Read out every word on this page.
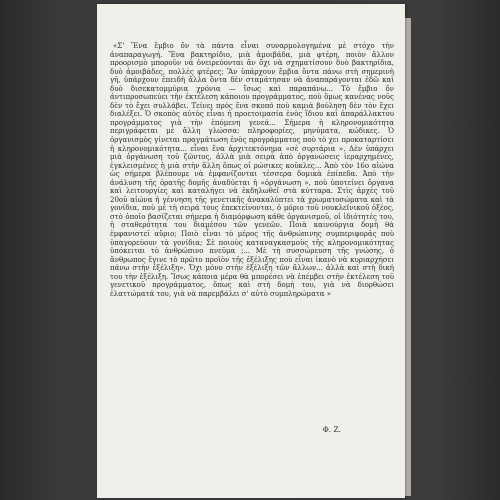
«Σ' Ἕνα ἔμβιο ὄν τὰ πάντα εἶναι συναρμολογημένα μὲ στόχο τὴν ἀναπαραγωγή. Ἕνα βακτηρίδιο, μιὰ ἀμοιβάδα, μιὰ φτέρη, ποιὸν ἄλλον προορισμὸ μποροῦν νὰ ὀνειρεύονται ἂν ὄχι νὰ σχηματίσουν δυὸ βακτηρίδια, δυὸ ἀμοιβάδες, πολλὲς φτέρες; Ἂν ὑπάρχουν ἔμβια ὄντα πάνω στὴ σημερινὴ γῆ, ὑπάρχουν ἐπειδὴ ἄλλα ὄντα δὲν σταμάτησαν νὰ ἀναπαράγονται ἐδῶ καὶ δυὸ δισεκατομμύρια χρόνια — ἴσως καὶ παραπάνω... Τὸ ἔμβιο ὄν ἀντιπροσωπεύει τὴν ἐκτέλεση κάποιου προγράμματος, ποὺ ὅμως κανένας νοῦς δὲν τὸ ἔχει συλλάβει. Τείνει πρὸς ἕνα σκοπό ποὺ καμιὰ βούληση δὲν τὸν ἔχει διαλέξει. Ὁ σκοπὸς αὐτὸς εἶναι ἡ προετοιμασία ἑνὸς ἴδιου καὶ ἀπαράλλακτου προγράμματος γιὰ τὴν ἑπόμενη γενεά... Σήμερα ἡ κληρονομικότητα περιγράφεται μὲ ἄλλη γλώσσα: πληροφορίες, μηνύματα, κώδικες. Ὁ ὀργανισμὸς γίνεται πραγμάτωση ἑνὸς προγράμματος ποὺ τὸ χει προκαταρτίσει ἡ κληρονομικότητα... εἶναι ἕνα ἀρχιτεκτόνημα «σὲ συρτάρια ». Δὲν ὑπάρχει μιὰ ὀργάνωση τοῦ ζῶντος, ἀλλὰ μιὰ σειρὰ ἀπὸ ὀργανώσεις ἱεραρχημένες, ἐγκλεισμένες ἡ μιὰ στὴν ἄλλη ὅπως οἱ ρώσικες κοῦκλες... Ἀπὸ τὸν 16ο αἰώνα ὡς σήμερα βλέπουμε νὰ ἐμφανίζονται τέσσερα δομικὰ ἐπίπεδα. Ἀπὸ τὴν ἀνάλυση τῆς ὁρατῆς δομῆς ἀναδύεται ἡ «ὀργάνωση », ποὺ ὑποτείνει ὄργανα καὶ λειτουργίες καὶ καταλήγει νὰ ἐκδηλωθεῖ στὰ κύτταρα. Στὶς ἀρχὲς τοῦ 20οῦ αἰώνα ἡ γέννηση τῆς γενετικῆς ἀνακαλύπτει τὰ χρωματοσώματα καὶ τὰ γονίδια, ποὺ μὲ τὴ σειρά τους ἐπεκτείνονται, ὁ μόριο τοῦ νουκλεϊνικοῦ ὀξέος, στὸ ὁποῖο βασίζεται σήμερα ἡ διαμόρφωση κάθε ὀργανισμοῦ, οἱ ἰδιότητές του, ἡ σταθερότητα του διαμέσου τῶν γενεῶν. Ποιὰ καινούργια δομὴ θὰ ἐμφανιστεῖ αὔριο; Ποιὸ εἶναι τὸ μέρος τῆς ἀνθρώπινης συμπεριφορᾶς ποὺ ὑπαγορεύουν τὰ γονίδια; Σὲ ποιοὺς καταναγκασμοὺς τῆς κληρονομικότητας ὑπόκειται τὸ ἀνθρώπινο πνεῦμα ;... Μὲ τὴ συσσώρευση τῆς γνώσης, ὁ ἄνθρωπος ἔγινε τὸ πρῶτο προϊὸν τῆς ἐξέλιξης ποὺ εἶναι ἱκανὸ νὰ κυριαρχήσει πάνω στὴν ἐξέλιξη». Ὄχι μόνο στὴν ἐξέλιξη τῶν ἄλλων... ἀλλὰ καὶ στὴ δική του τὴν ἐξέλιξη. Ἴσως κάποια μέρα θὰ μπορέσει νὰ ἐπέμβει στὴν ἐκτέλεση τοῦ γενετικοῦ προγράμματος, ὅπως καὶ στὴ δομή του, γιὰ νὰ διορθώσει ἐλαττώματά του, γιὰ νὰ παρεμβάλει σ' αὐτὸ συμπληρώματα »

Φ. Ζ.
